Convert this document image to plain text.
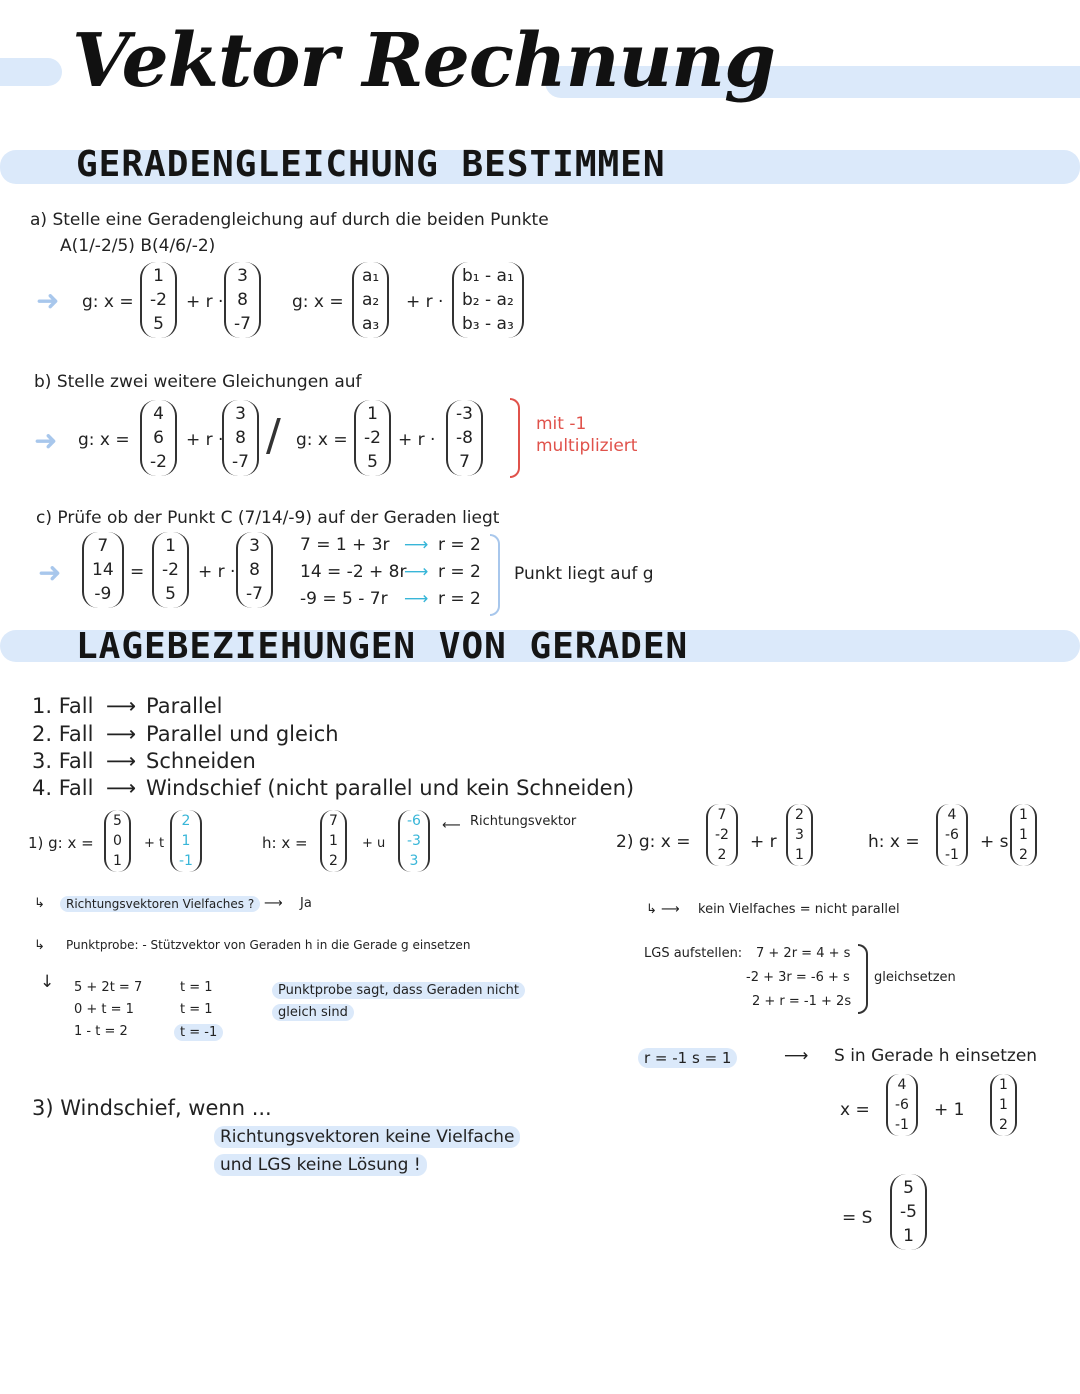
Vektor Rechnung
GERADENGLEICHUNG BESTIMMEN
a) Stelle eine Geradengleichung auf durch die beiden Punkte
A(1/-2/5) B(4/6/-2)
➜ g: x =
1
-2
5
+ r ·
3
8
-7
g: x =
a₁
a₂
a₃
+ r ·
b₁ - a₁
b₂ - a₂
b₃ - a₃
b) Stelle zwei weitere Gleichungen auf
➜ g: x =
4
6
-2
+ r ·
3
8
-7
/ g: x =
1
-2
5
+ r ·
-3
-8
7
mit -1
multipliziert
c) Prüfe ob der Punkt C (7/14/-9) auf der Geraden liegt
➜
7
14
-9
=
1
-2
5
+ r ·
3
8
-7
7 = 1 + 3r
14 = -2 + 8r
-9 = 5 - 7r
⟶
⟶
⟶
r = 2
r = 2
r = 2
Punkt liegt auf g
LAGEBEZIEHUNGEN VON GERADEN
1. Fall ⟶ Parallel
2. Fall ⟶ Parallel und gleich
3. Fall ⟶ Schneiden
4. Fall ⟶ Windschief (nicht parallel und kein Schneiden)
1) g: x =
5
0
1
+ t
2
1
-1
h: x =
7
1
2
+ u
-6
-3
3
⟵ Richtungsvektor
↳	Richtungsvektoren Vielfaches ? ⟶ Ja
↳ Punktprobe: - Stützvektor von Geraden h in die Gerade g einsetzen
↓ 5 + 2t = 7
0 + t = 1
1 - t = 2
t = 1
t = 1
t = -1
Punktprobe sagt, dass Geraden nicht
gleich sind
2) g: x =
7
-2
2
+ r
2
3
1
h: x =
4
-6
-1
+ s
1
1
2
↳ ⟶ kein Vielfaches = nicht parallel
LGS aufstellen: 7 + 2r = 4 + s
-2 + 3r = -6 + s
2 + r = -1 + 2s
gleichsetzen
r = -1 s = 1	⟶ S in Gerade h einsetzen
x =
4
-6
-1
+ 1
1
1
2
= S
5
-5
1
3) Windschief, wenn ...
Richtungsvektoren keine Vielfache
und LGS keine Lösung !
